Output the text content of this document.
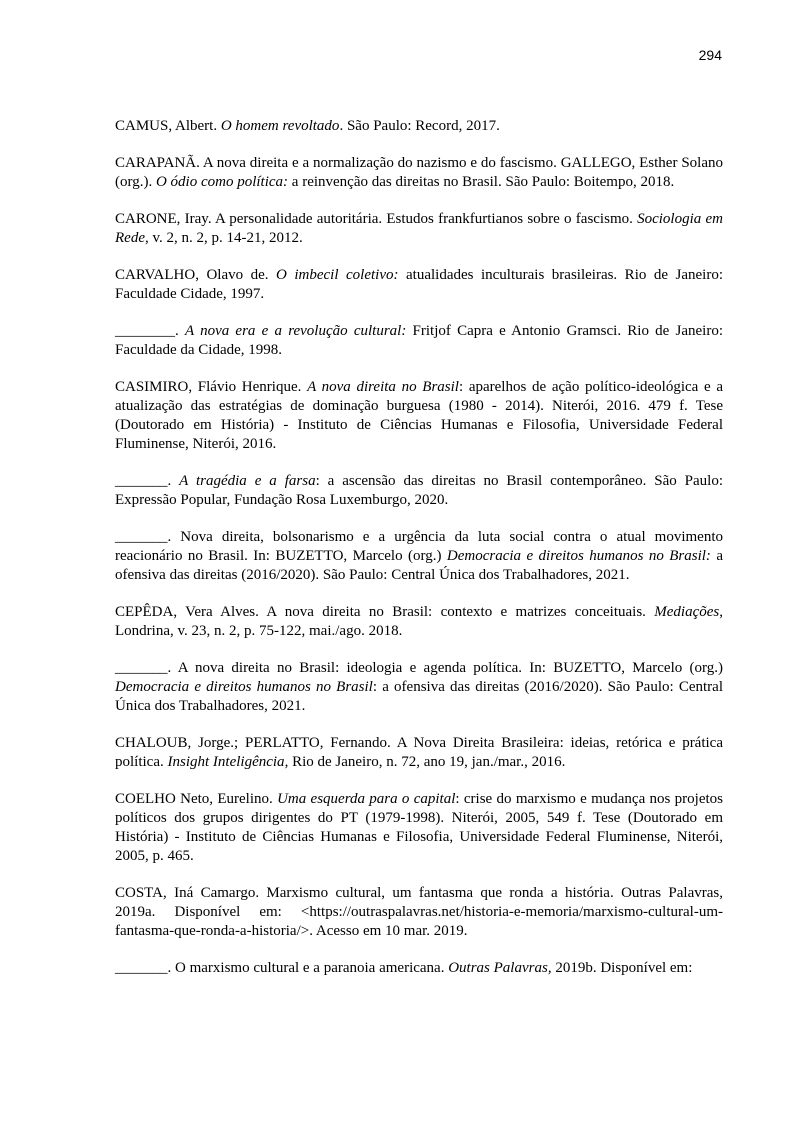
294

CAMUS, Albert. O homem revoltado. São Paulo: Record, 2017.

CARAPANÃ. A nova direita e a normalização do nazismo e do fascismo. GALLEGO, Esther Solano (org.). O ódio como política: a reinvenção das direitas no Brasil. São Paulo: Boitempo, 2018.

CARONE, Iray. A personalidade autoritária. Estudos frankfurtianos sobre o fascismo. Sociologia em Rede, v. 2, n. 2, p. 14-21, 2012.

CARVALHO, Olavo de. O imbecil coletivo: atualidades inculturais brasileiras. Rio de Janeiro: Faculdade Cidade, 1997.

________. A nova era e a revolução cultural: Fritjof Capra e Antonio Gramsci. Rio de Janeiro: Faculdade da Cidade, 1998.

CASIMIRO, Flávio Henrique. A nova direita no Brasil: aparelhos de ação político-ideológica e a atualização das estratégias de dominação burguesa (1980 - 2014). Niterói, 2016. 479 f. Tese (Doutorado em História) - Instituto de Ciências Humanas e Filosofia, Universidade Federal Fluminense, Niterói, 2016.

_______. A tragédia e a farsa: a ascensão das direitas no Brasil contemporâneo. São Paulo: Expressão Popular, Fundação Rosa Luxemburgo, 2020.

_______. Nova direita, bolsonarismo e a urgência da luta social contra o atual movimento reacionário no Brasil. In: BUZETTO, Marcelo (org.) Democracia e direitos humanos no Brasil: a ofensiva das direitas (2016/2020). São Paulo: Central Única dos Trabalhadores, 2021.

CEPÊDA, Vera Alves. A nova direita no Brasil: contexto e matrizes conceituais. Mediações, Londrina, v. 23, n. 2, p. 75-122, mai./ago. 2018.

_______. A nova direita no Brasil: ideologia e agenda política. In: BUZETTO, Marcelo (org.) Democracia e direitos humanos no Brasil: a ofensiva das direitas (2016/2020). São Paulo: Central Única dos Trabalhadores, 2021.

CHALOUB, Jorge.; PERLATTO, Fernando. A Nova Direita Brasileira: ideias, retórica e prática política. Insight Inteligência, Rio de Janeiro, n. 72, ano 19, jan./mar., 2016.

COELHO Neto, Eurelino. Uma esquerda para o capital: crise do marxismo e mudança nos projetos políticos dos grupos dirigentes do PT (1979-1998). Niterói, 2005, 549 f. Tese (Doutorado em História) - Instituto de Ciências Humanas e Filosofia, Universidade Federal Fluminense, Niterói, 2005, p. 465.

COSTA, Iná Camargo. Marxismo cultural, um fantasma que ronda a história. Outras Palavras, 2019a. Disponível em: <https://outraspalavras.net/historia-e-memoria/marxismo-cultural-um-fantasma-que-ronda-a-historia/>. Acesso em 10 mar. 2019.

_______. O marxismo cultural e a paranoia americana. Outras Palavras, 2019b. Disponível em:
